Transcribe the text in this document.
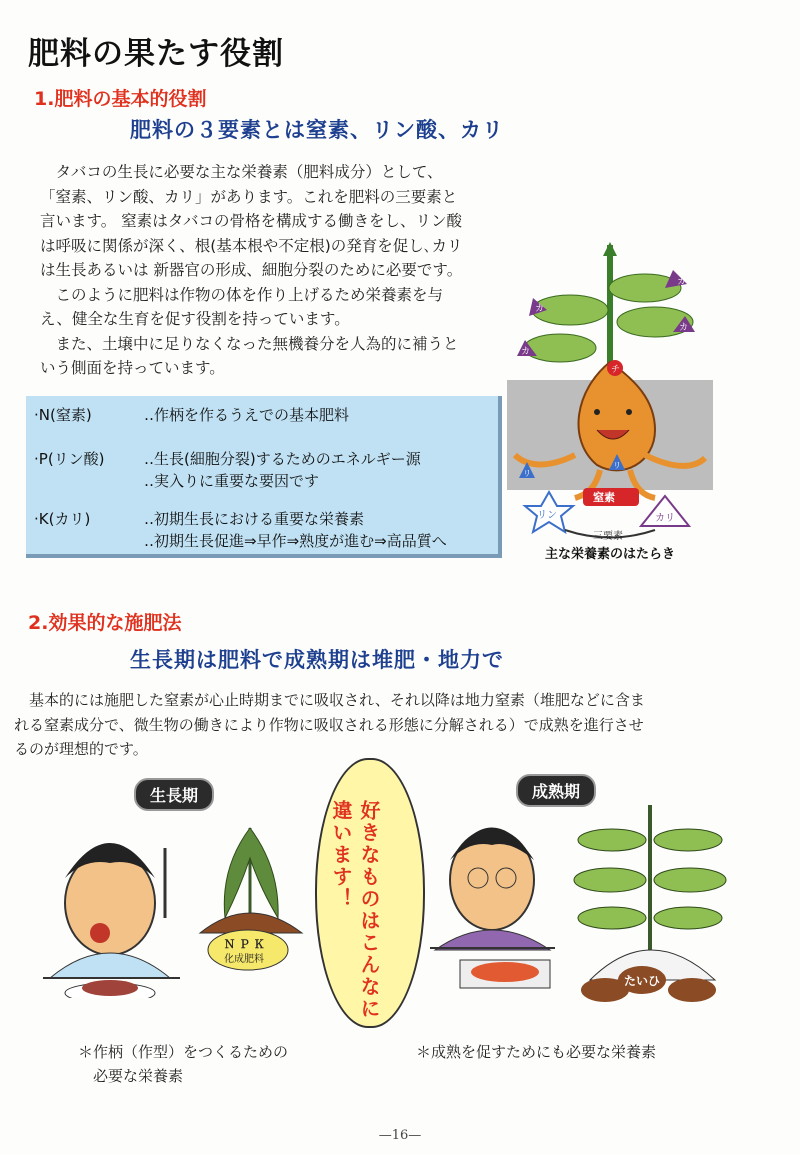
肥料の果たす役割
1.肥料の基本的役割
肥料の３要素とは窒素、リン酸、カリ

　タバコの生長に必要な主な栄養素（肥料成分）として、

「窒素、リン酸、カリ」があります。これを肥料の三要素と

言います。 窒素はタバコの骨格を構成する働きをし、リン酸

は呼吸に関係が深く、根(基本根や不定根)の発育を促し､カリ

は生長あるいは 新器官の形成、細胞分裂のために必要です。

　このように肥料は作物の体を作り上げるため栄養素を与

え、健全な生育を促す役割を持っています。

　また、土壌中に足りなくなった無機養分を人為的に補うと

いう側面を持っています。

·N(窒素)	‥作柄を作るうえでの基本肥料
·P(リン酸)	‥生長(細胞分裂)するためのエネルギー源
‥実入りに重要な要因です
·K(カリ)	‥初期生長における重要な栄養素
‥初期生長促進⇒早作⇒熟度が進む⇒高品質へ
カ
カ
カ
カ
チ
リ
リ
窒素
リン	カリ
三要素
主な栄養素のはたらき
2.効果的な施肥法
生長期は肥料で成熟期は堆肥・地力で

　基本的には施肥した窒素が心止時期までに吸収され、それ以降は地力窒素（堆肥などに含ま

れる窒素成分で、微生物の働きにより作物に吸収される形態に分解される）で成熟を進行させ

るのが理想的です。

生長期	成熟期
Ｎ Ｐ Ｋ
化成肥料	好きなものはこんなに
違います！
たいひ
＊作柄（作型）をつくるための
　必要な栄養素
＊成熟を促すためにも必要な栄養素
—16—
